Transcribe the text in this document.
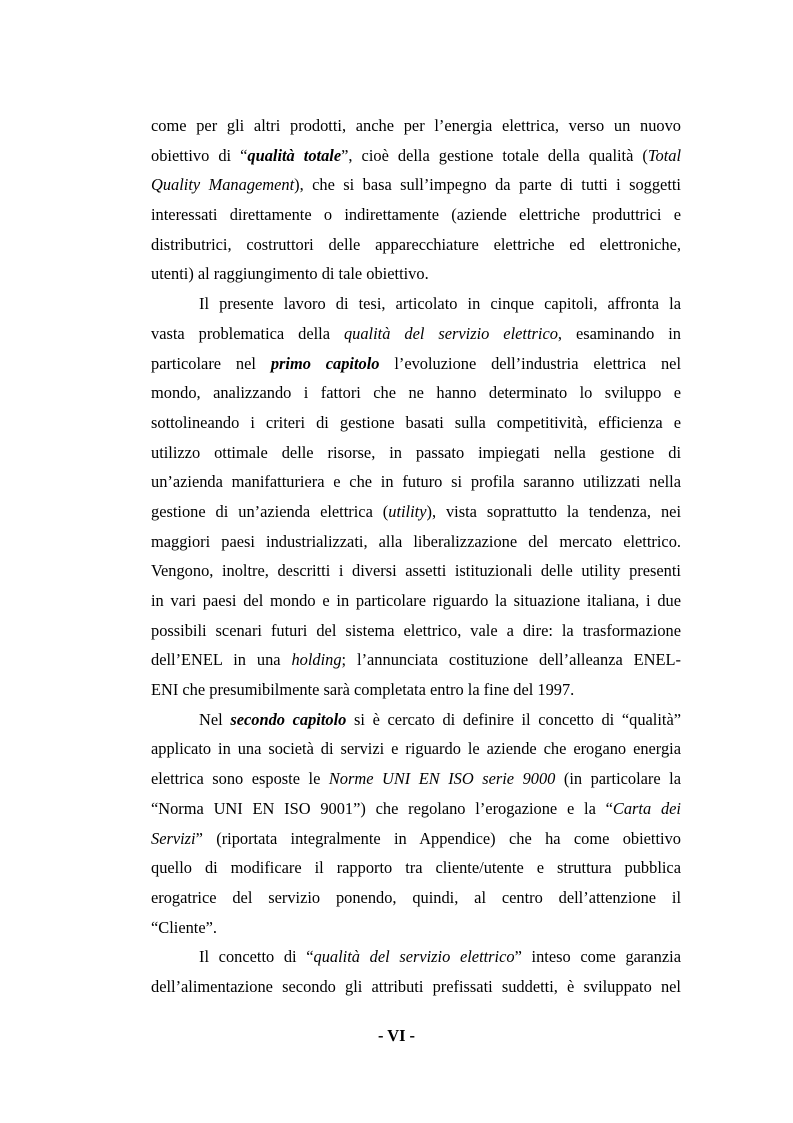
come per gli altri prodotti, anche per l’energia elettrica, verso un nuovo
obiettivo di “qualità totale”, cioè della gestione totale della qualità (Total
Quality Management), che si basa sull’impegno da parte di tutti i soggetti
interessati direttamente o indirettamente (aziende elettriche produttrici e
distributrici, costruttori delle apparecchiature elettriche ed elettroniche,
utenti) al raggiungimento di tale obiettivo.
Il presente lavoro di tesi, articolato in cinque capitoli, affronta la
vasta problematica della qualità del servizio elettrico, esaminando in
particolare nel primo capitolo l’evoluzione dell’industria elettrica nel
mondo, analizzando i fattori che ne hanno determinato lo sviluppo e
sottolineando i criteri di gestione basati sulla competitività, efficienza e
utilizzo ottimale delle risorse, in passato impiegati nella gestione di
un’azienda manifatturiera e che in futuro si profila saranno utilizzati nella
gestione di un’azienda elettrica (utility), vista soprattutto la tendenza, nei
maggiori paesi industrializzati, alla liberalizzazione del mercato elettrico.
Vengono, inoltre, descritti i diversi assetti istituzionali delle utility presenti
in vari paesi del mondo e in particolare riguardo la situazione italiana, i due
possibili scenari futuri del sistema elettrico, vale a dire: la trasformazione
dell’ENEL in una holding; l’annunciata costituzione dell’alleanza ENEL-
ENI che presumibilmente sarà completata entro la fine del 1997.
Nel secondo capitolo si è cercato di definire il concetto di “qualità”
applicato in una società di servizi e riguardo le aziende che erogano energia
elettrica sono esposte le Norme UNI EN ISO serie 9000 (in particolare la
“Norma UNI EN ISO 9001”) che regolano l’erogazione e la “Carta dei
Servizi” (riportata integralmente in Appendice) che ha come obiettivo
quello di modificare il rapporto tra cliente/utente e struttura pubblica
erogatrice del servizio ponendo, quindi, al centro dell’attenzione il
“Cliente”.
Il concetto di “qualità del servizio elettrico” inteso come garanzia
dell’alimentazione secondo gli attributi prefissati suddetti, è sviluppato nel
- VI -
